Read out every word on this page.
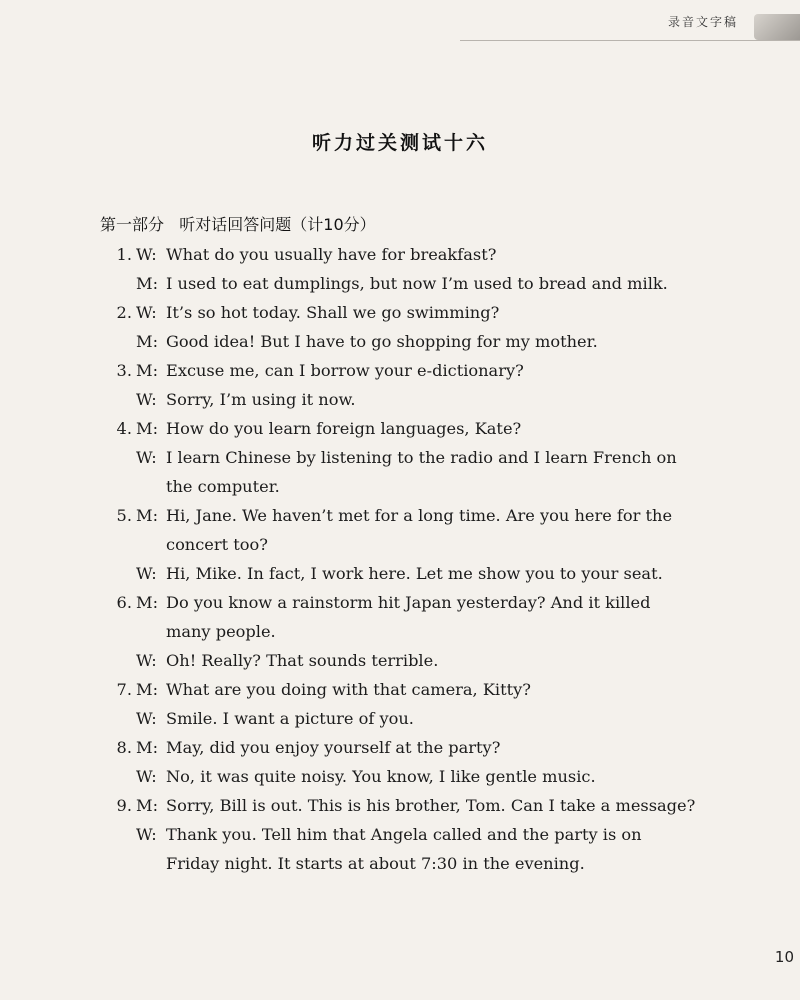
录音文字稿
听力过关测试十六
第一部分   听对话回答问题（计10分）
1. W: What do you usually have for breakfast?
M: I used to eat dumplings, but now I’m used to bread and milk.
2. W: It’s so hot today. Shall we go swimming?
M: Good idea! But I have to go shopping for my mother.
3. M: Excuse me, can I borrow your e-dictionary?
W: Sorry, I’m using it now.
4. M: How do you learn foreign languages, Kate?
W: I learn Chinese by listening to the radio and I learn French on
the computer.
5. M: Hi, Jane. We haven’t met for a long time. Are you here for the
concert too?
W: Hi, Mike. In fact, I work here. Let me show you to your seat.
6. M: Do you know a rainstorm hit Japan yesterday? And it killed
many people.
W: Oh! Really? That sounds terrible.
7. M: What are you doing with that camera, Kitty?
W: Smile. I want a picture of you.
8. M: May, did you enjoy yourself at the party?
W: No, it was quite noisy. You know, I like gentle music.
9. M: Sorry, Bill is out. This is his brother, Tom. Can I take a message?
W: Thank you. Tell him that Angela called and the party is on
Friday night. It starts at about 7:30 in the evening.
10
